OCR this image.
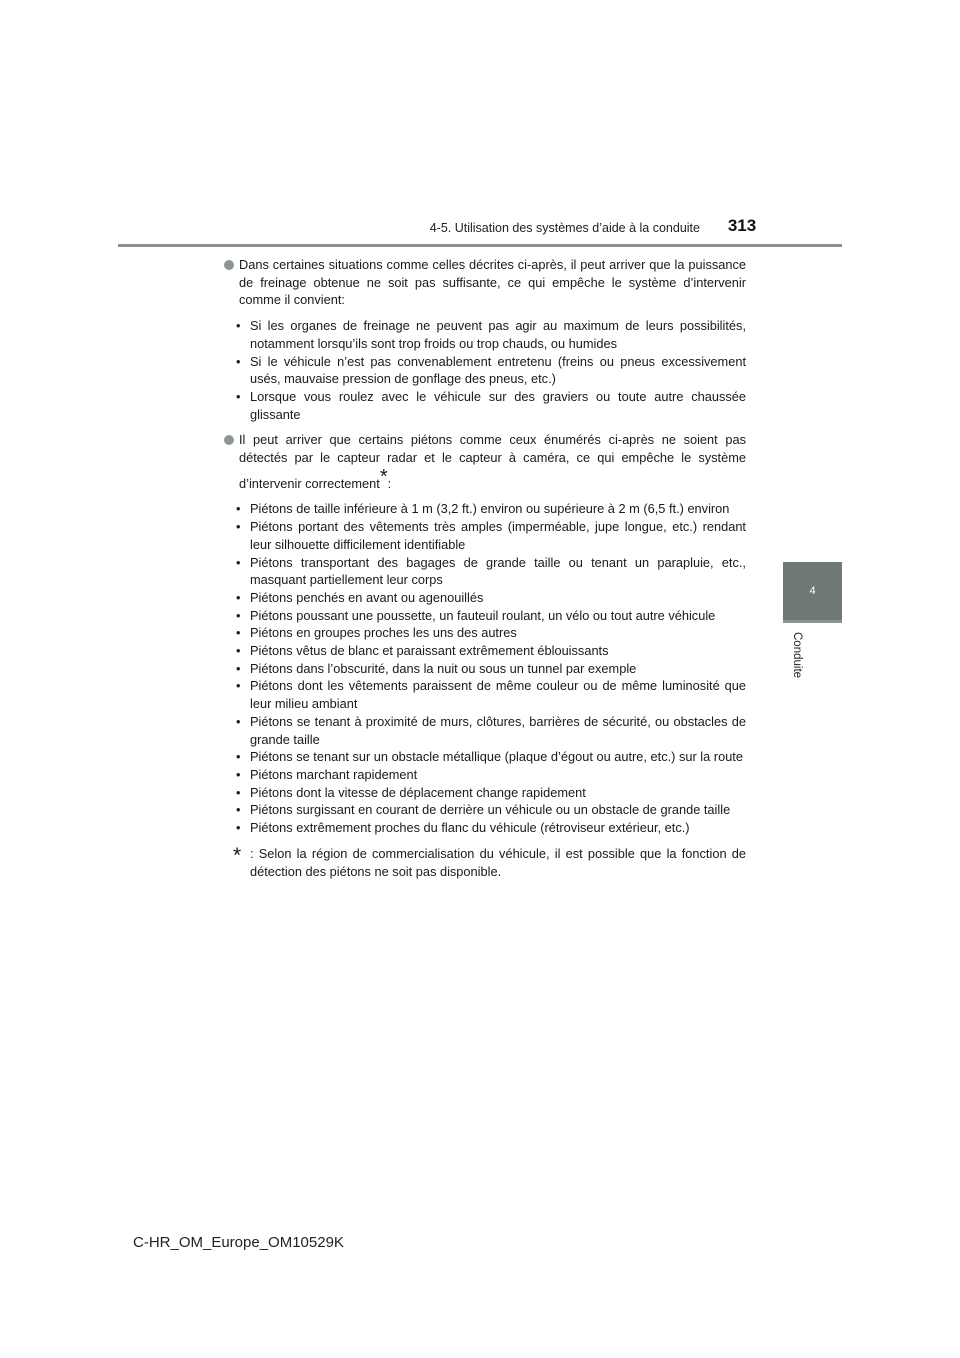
4-5. Utilisation des systèmes d’aide à la conduite	313
4
Conduite
Dans certaines situations comme celles décrites ci-après, il peut arriver que la puissance de freinage obtenue ne soit pas suffisante, ce qui empêche le système d’intervenir comme il convient:
• Si les organes de freinage ne peuvent pas agir au maximum de leurs possibilités, notamment lorsqu’ils sont trop froids ou trop chauds, ou humides
• Si le véhicule n’est pas convenablement entretenu (freins ou pneus excessivement usés, mauvaise pression de gonflage des pneus, etc.)
• Lorsque vous roulez avec le véhicule sur des graviers ou toute autre chaussée glissante
Il peut arriver que certains piétons comme ceux énumérés ci-après ne soient pas détectés par le capteur radar et le capteur à caméra, ce qui empêche le système d’intervenir correctement*:
• Piétons de taille inférieure à 1 m (3,2 ft.) environ ou supérieure à 2 m (6,5 ft.) environ
• Piétons portant des vêtements très amples (imperméable, jupe longue, etc.) rendant leur silhouette difficilement identifiable
• Piétons transportant des bagages de grande taille ou tenant un parapluie, etc., masquant partiellement leur corps
• Piétons penchés en avant ou agenouillés
• Piétons poussant une poussette, un fauteuil roulant, un vélo ou tout autre véhicule
• Piétons en groupes proches les uns des autres
• Piétons vêtus de blanc et paraissant extrêmement éblouissants
• Piétons dans l’obscurité, dans la nuit ou sous un tunnel par exemple
• Piétons dont les vêtements paraissent de même couleur ou de même luminosité que leur milieu ambiant
• Piétons se tenant à proximité de murs, clôtures, barrières de sécurité, ou obstacles de grande taille
• Piétons se tenant sur un obstacle métallique (plaque d’égout ou autre, etc.) sur la route
• Piétons marchant rapidement
• Piétons dont la vitesse de déplacement change rapidement
• Piétons surgissant en courant de derrière un véhicule ou un obstacle de grande taille
• Piétons extrêmement proches du flanc du véhicule (rétroviseur extérieur, etc.)
* : Selon la région de commercialisation du véhicule, il est possible que la fonction de détection des piétons ne soit pas disponible.
C-HR_OM_Europe_OM10529K
